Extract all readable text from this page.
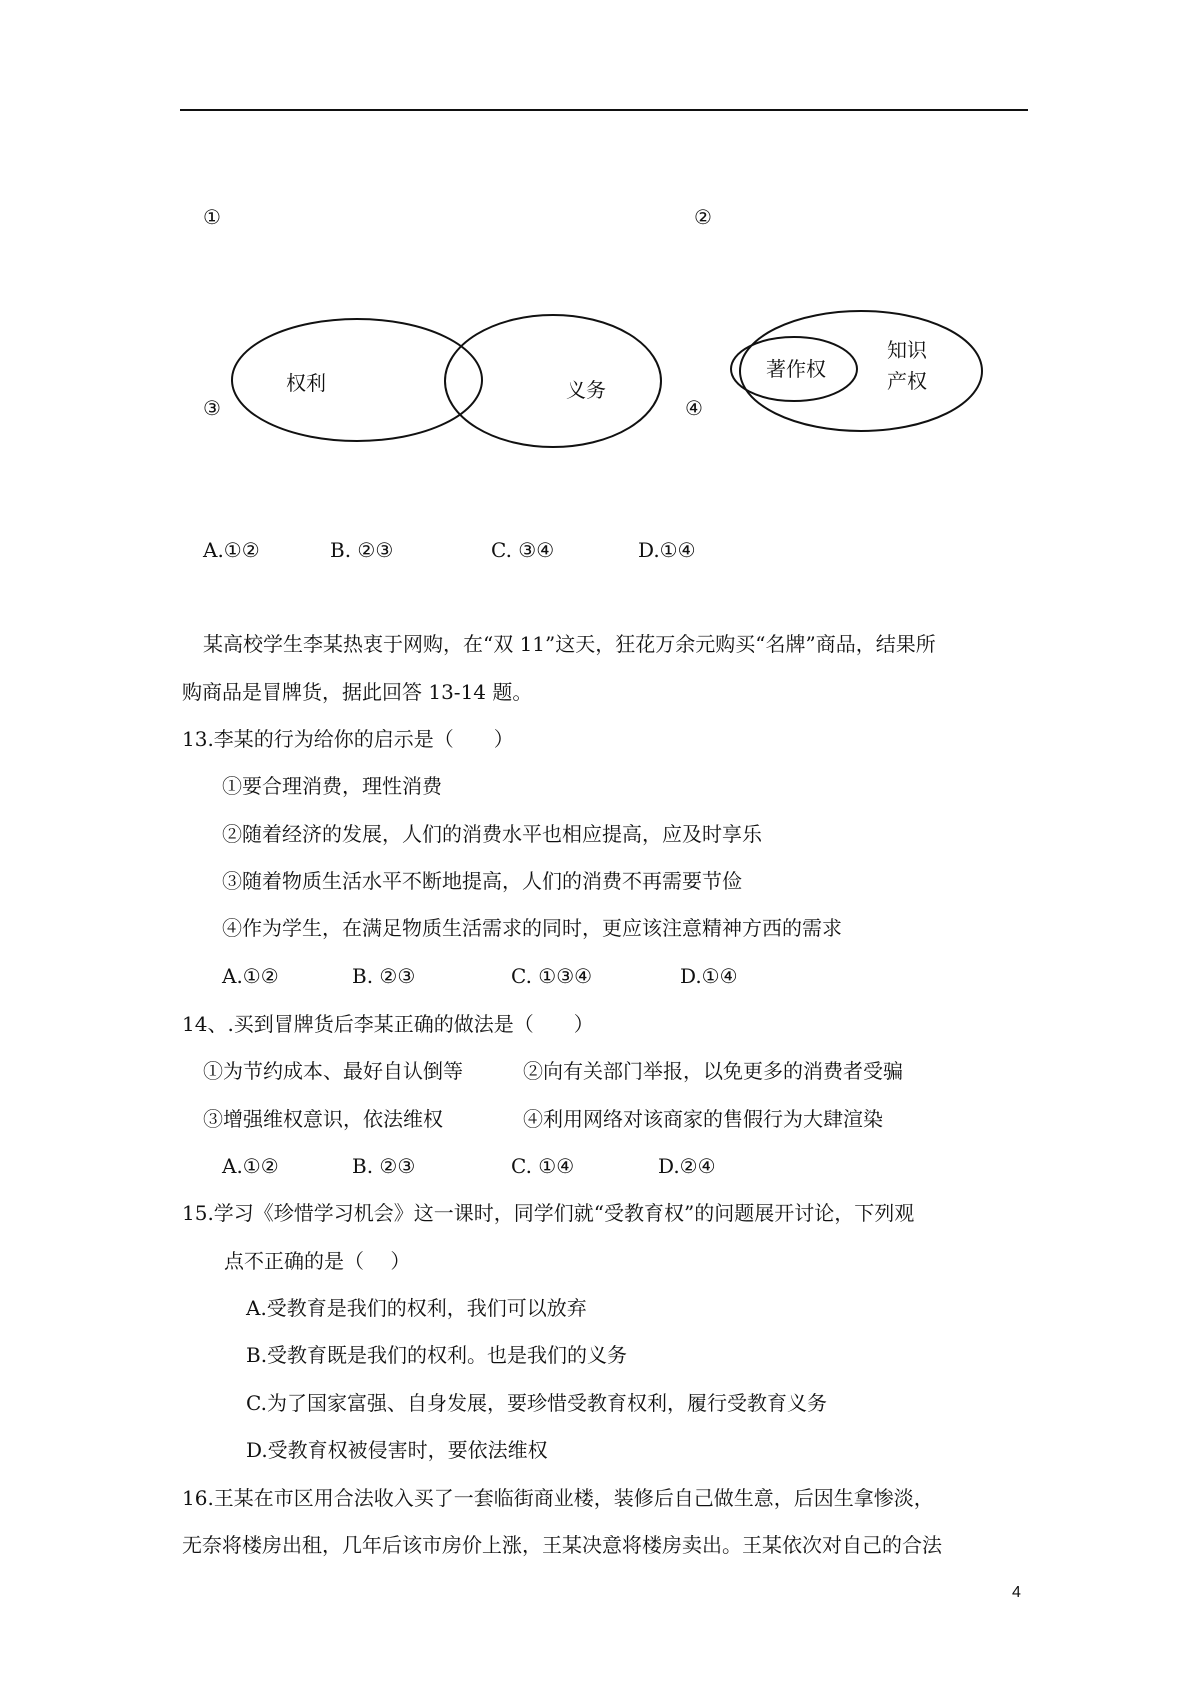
①	②
③	④
权利	义务
著作权
知识
产权
A.①②	B. ②③	C. ③④	D.①④
某高校学生李某热衷于网购，在“双 11”这天，狂花万余元购买“名牌”商品，结果所
购商品是冒牌货，据此回答 13-14 题。
13.李某的行为给你的启示是（　　）
①要合理消费，理性消费
②随着经济的发展，人们的消费水平也相应提高，应及时享乐
③随着物质生活水平不断地提高，人们的消费不再需要节俭
④作为学生，在满足物质生活需求的同时，更应该注意精神方西的需求
A.①②	B. ②③	C. ①③④	D.①④
14、.买到冒牌货后李某正确的做法是（　　）
①为节约成本、最好自认倒等	②向有关部门举报，以免更多的消费者受骗
③增强维权意识，依法维权	④利用网络对该商家的售假行为大肆渲染
A.①②	B. ②③	C. ①④	D.②④
15.学习《珍惜学习机会》这一课时，同学们就“受教育权”的问题展开讨论，下列观
点不正确的是（　 ）
A.受教育是我们的权利，我们可以放弃
B.受教育既是我们的权利。也是我们的义务
C.为了国家富强、自身发展，要珍惜受教育权利，履行受教育义务
D.受教育权被侵害时，要依法维权
16.王某在市区用合法收入买了一套临街商业楼，装修后自己做生意，后因生拿惨淡，
无奈将楼房出租，几年后该市房价上涨，王某决意将楼房卖出。王某依次对自己的合法
4
